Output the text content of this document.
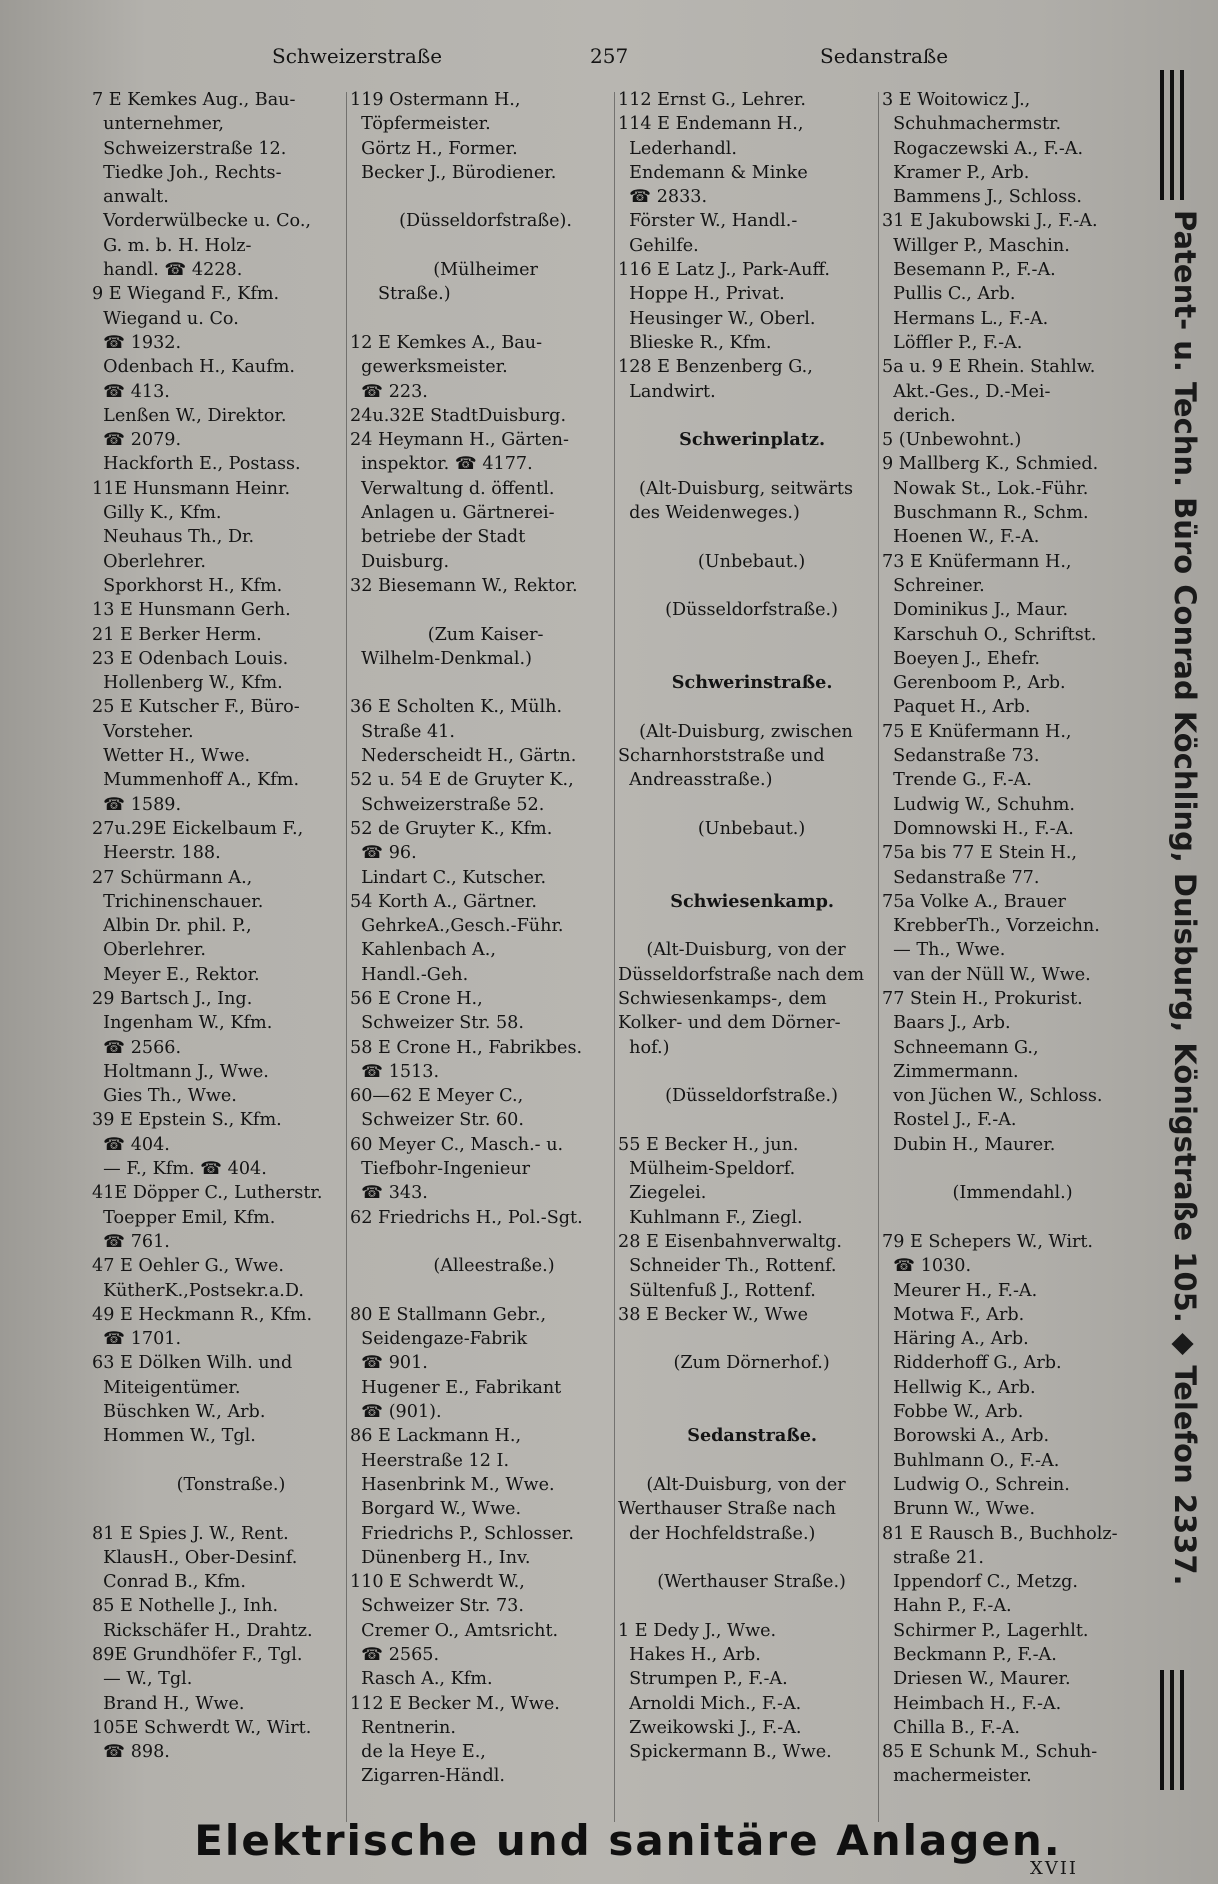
Schweizerstraße	257	Sedanstraße
7 E Kemkes Aug., Bau-
unternehmer,
Schweizerstraße 12.
Tiedke Joh., Rechts-
anwalt.
Vorderwülbecke u. Co.,
G. m. b. H. Holz-
handl. ☎ 4228.
9 E Wiegand F., Kfm.
Wiegand u. Co.
☎ 1932.
Odenbach H., Kaufm.
☎ 413.
Lenßen W., Direktor.
☎ 2079.
Hackforth E., Postass.
11E Hunsmann Heinr.
Gilly K., Kfm.
Neuhaus Th., Dr.
Oberlehrer.
Sporkhorst H., Kfm.
13 E Hunsmann Gerh.
21 E Berker Herm.
23 E Odenbach Louis.
Hollenberg W., Kfm.
25 E Kutscher F., Büro-
Vorsteher.
Wetter H., Wwe.
Mummenhoff A., Kfm.
☎ 1589.
27u.29E Eickelbaum F.,
Heerstr. 188.
27 Schürmann A.,
Trichinenschauer.
Albin Dr. phil. P.,
Oberlehrer.
Meyer E., Rektor.
29 Bartsch J., Ing.
Ingenham W., Kfm.
☎ 2566.
Holtmann J., Wwe.
Gies Th., Wwe.
39 E Epstein S., Kfm.
☎ 404.
— F., Kfm. ☎ 404.
41E Döpper C., Lutherstr.
Toepper Emil, Kfm.
☎ 761.
47 E Oehler G., Wwe.
KütherK.,Postsekr.a.D.
49 E Heckmann R., Kfm.
☎ 1701.
63 E Dölken Wilh. und
Miteigentümer.
Büschken W., Arb.
Hommen W., Tgl.
(Tonstraße.)
81 E Spies J. W., Rent.
KlausH., Ober-Desinf.
Conrad B., Kfm.
85 E Nothelle J., Inh.
Rickschäfer H., Drahtz.
89E Grundhöfer F., Tgl.
— W., Tgl.
Brand H., Wwe.
105E Schwerdt W., Wirt.
☎ 898.
119 Ostermann H.,
Töpfermeister.
Görtz H., Former.
Becker J., Bürodiener.
(Düsseldorfstraße).
(Mülheimer
Straße.)
12 E Kemkes A., Bau-
gewerksmeister.
☎ 223.
24u.32E StadtDuisburg.
24 Heymann H., Gärten-
inspektor. ☎ 4177.
Verwaltung d. öffentl.
Anlagen u. Gärtnerei-
betriebe der Stadt
Duisburg.
32 Biesemann W., Rektor.
(Zum Kaiser-
Wilhelm-Denkmal.)
36 E Scholten K., Mülh.
Straße 41.
Nederscheidt H., Gärtn.
52 u. 54 E de Gruyter K.,
Schweizerstraße 52.
52 de Gruyter K., Kfm.
☎ 96.
Lindart C., Kutscher.
54 Korth A., Gärtner.
GehrkeA.,Gesch.-Führ.
Kahlenbach A.,
Handl.-Geh.
56 E Crone H.,
Schweizer Str. 58.
58 E Crone H., Fabrikbes.
☎ 1513.
60—62 E Meyer C.,
Schweizer Str. 60.
60 Meyer C., Masch.- u.
Tiefbohr-Ingenieur
☎ 343.
62 Friedrichs H., Pol.-Sgt.
(Alleestraße.)
80 E Stallmann Gebr.,
Seidengaze-Fabrik
☎ 901.
Hugener E., Fabrikant
☎ (901).
86 E Lackmann H.,
Heerstraße 12 I.
Hasenbrink M., Wwe.
Borgard W., Wwe.
Friedrichs P., Schlosser.
Dünenberg H., Inv.
110 E Schwerdt W.,
Schweizer Str. 73.
Cremer O., Amtsricht.
☎ 2565.
Rasch A., Kfm.
112 E Becker M., Wwe.
Rentnerin.
de la Heye E.,
Zigarren-Händl.
112 Ernst G., Lehrer.
114 E Endemann H.,
Lederhandl.
Endemann & Minke
☎ 2833.
Förster W., Handl.-
Gehilfe.
116 E Latz J., Park-Auff.
Hoppe H., Privat.
Heusinger W., Oberl.
Blieske R., Kfm.
128 E Benzenberg G.,
Landwirt.
Schwerinplatz.
(Alt-Duisburg, seitwärts
des Weidenweges.)
(Unbebaut.)
(Düsseldorfstraße.)
Schwerinstraße.
(Alt-Duisburg, zwischen
Scharnhorststraße und
Andreasstraße.)
(Unbebaut.)
Schwiesenkamp.
(Alt-Duisburg, von der
Düsseldorfstraße nach dem
Schwiesenkamps-, dem
Kolker- und dem Dörner-
hof.)
(Düsseldorfstraße.)
55 E Becker H., jun.
Mülheim-Speldorf.
Ziegelei.
Kuhlmann F., Ziegl.
28 E Eisenbahnverwaltg.
Schneider Th., Rottenf.
Sültenfuß J., Rottenf.
38 E Becker W., Wwe
(Zum Dörnerhof.)
Sedanstraße.
(Alt-Duisburg, von der
Werthauser Straße nach
der Hochfeldstraße.)
(Werthauser Straße.)
1 E Dedy J., Wwe.
Hakes H., Arb.
Strumpen P., F.-A.
Arnoldi Mich., F.-A.
Zweikowski J., F.-A.
Spickermann B., Wwe.
3 E Woitowicz J.,
Schuhmachermstr.
Rogaczewski A., F.-A.
Kramer P., Arb.
Bammens J., Schloss.
31 E Jakubowski J., F.-A.
Willger P., Maschin.
Besemann P., F.-A.
Pullis C., Arb.
Hermans L., F.-A.
Löffler P., F.-A.
5a u. 9 E Rhein. Stahlw.
Akt.-Ges., D.-Mei-
derich.
5 (Unbewohnt.)
9 Mallberg K., Schmied.
Nowak St., Lok.-Führ.
Buschmann R., Schm.
Hoenen W., F.-A.
73 E Knüfermann H.,
Schreiner.
Dominikus J., Maur.
Karschuh O., Schriftst.
Boeyen J., Ehefr.
Gerenboom P., Arb.
Paquet H., Arb.
75 E Knüfermann H.,
Sedanstraße 73.
Trende G., F.-A.
Ludwig W., Schuhm.
Domnowski H., F.-A.
75a bis 77 E Stein H.,
Sedanstraße 77.
75a Volke A., Brauer
KrebberTh., Vorzeichn.
— Th., Wwe.
van der Nüll W., Wwe.
77 Stein H., Prokurist.
Baars J., Arb.
Schneemann G.,
Zimmermann.
von Jüchen W., Schloss.
Rostel J., F.-A.
Dubin H., Maurer.
(Immendahl.)
79 E Schepers W., Wirt.
☎ 1030.
Meurer H., F.-A.
Motwa F., Arb.
Häring A., Arb.
Ridderhoff G., Arb.
Hellwig K., Arb.
Fobbe W., Arb.
Borowski A., Arb.
Buhlmann O., F.-A.
Ludwig O., Schrein.
Brunn W., Wwe.
81 E Rausch B., Buchholz-
straße 21.
Ippendorf C., Metzg.
Hahn P., F.-A.
Schirmer P., Lagerhlt.
Beckmann P., F.-A.
Driesen W., Maurer.
Heimbach H., F.-A.
Chilla B., F.-A.
85 E Schunk M., Schuh-
machermeister.
Patent- u. Techn. Büro Conrad Köchling, Duisburg, Königstraße 105. ◆ Telefon 2337.
Elektrische und sanitäre Anlagen.
XVII
